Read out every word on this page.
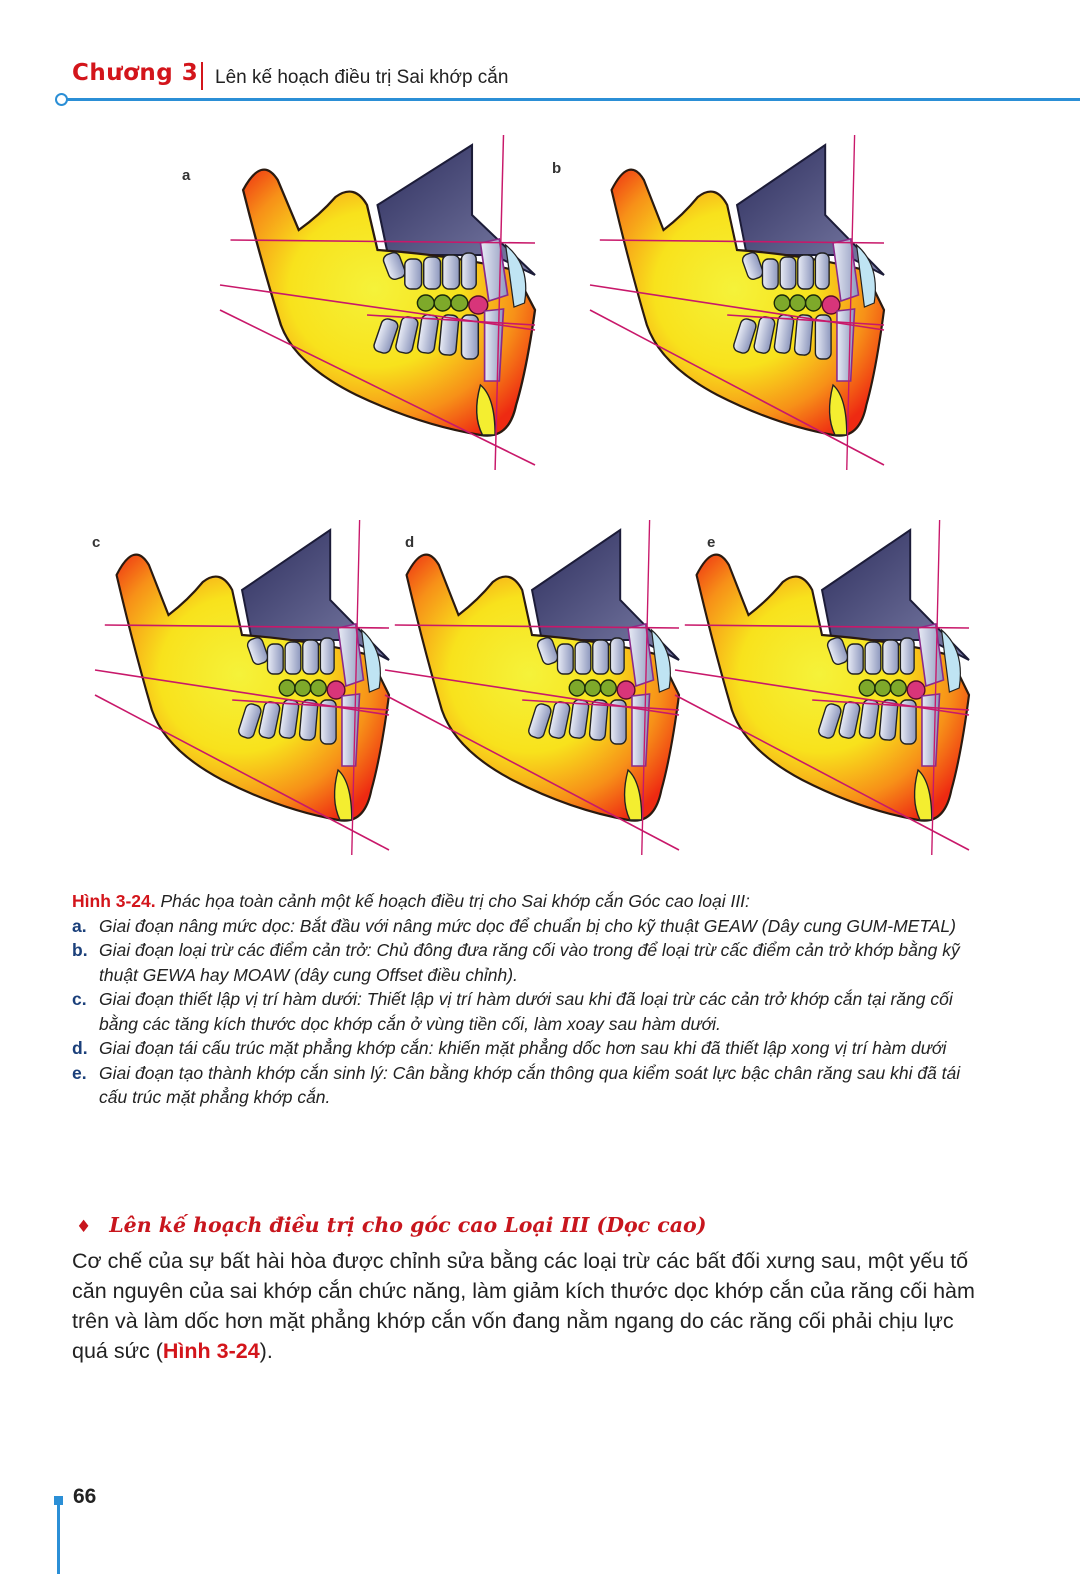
Chương 3 Lên kế hoạch điều trị Sai khớp cắn
a	b
c	d	e

Hình 3-24. Phác họa toàn cảnh một kế hoạch điều trị cho Sai khớp cắn Góc cao loại III:

a. Giai đoạn nâng mức dọc: Bắt đầu với nâng mức dọc để chuẩn bị cho kỹ thuật GEAW (Dây cung GUM-METAL)
b. Giai đoạn loại trừ các điểm cản trở: Chủ đông đưa răng cối vào trong để loại trừ cấc điểm cản trở khớp bằng kỹ thuật GEWA hay MOAW (dây cung Offset điều chỉnh).
c. Giai đoạn thiết lập vị trí hàm dưới: Thiết lập vị trí hàm dưới sau khi đã loại trừ các cản trở khớp cắn tại răng cối bằng các tăng kích thước dọc khớp cắn ở vùng tiền cối, làm xoay sau hàm dưới.
d. Giai đoạn tái cấu trúc mặt phẳng khớp cắn: khiến mặt phẳng dốc hơn sau khi đã thiết lập xong vị trí hàm dưới
e. Giai đoạn tạo thành khớp cắn sinh lý: Cân bằng khớp cắn thông qua kiểm soát lực bậc chân răng sau khi đã tái cấu trúc mặt phẳng khớp cắn.
♦ Lên kế hoạch điều trị cho góc cao Loại III (Dọc cao)
Cơ chế của sự bất hài hòa được chỉnh sửa bằng các loại trừ các bất đối xưng sau, một yếu tố căn nguyên của sai khớp cắn chức năng, làm giảm kích thước dọc khớp cắn của răng cối hàm trên và làm dốc hơn mặt phẳng khớp cắn vốn đang nằm ngang do các răng cối phải chịu lực quá sức (Hình 3-24).
66
